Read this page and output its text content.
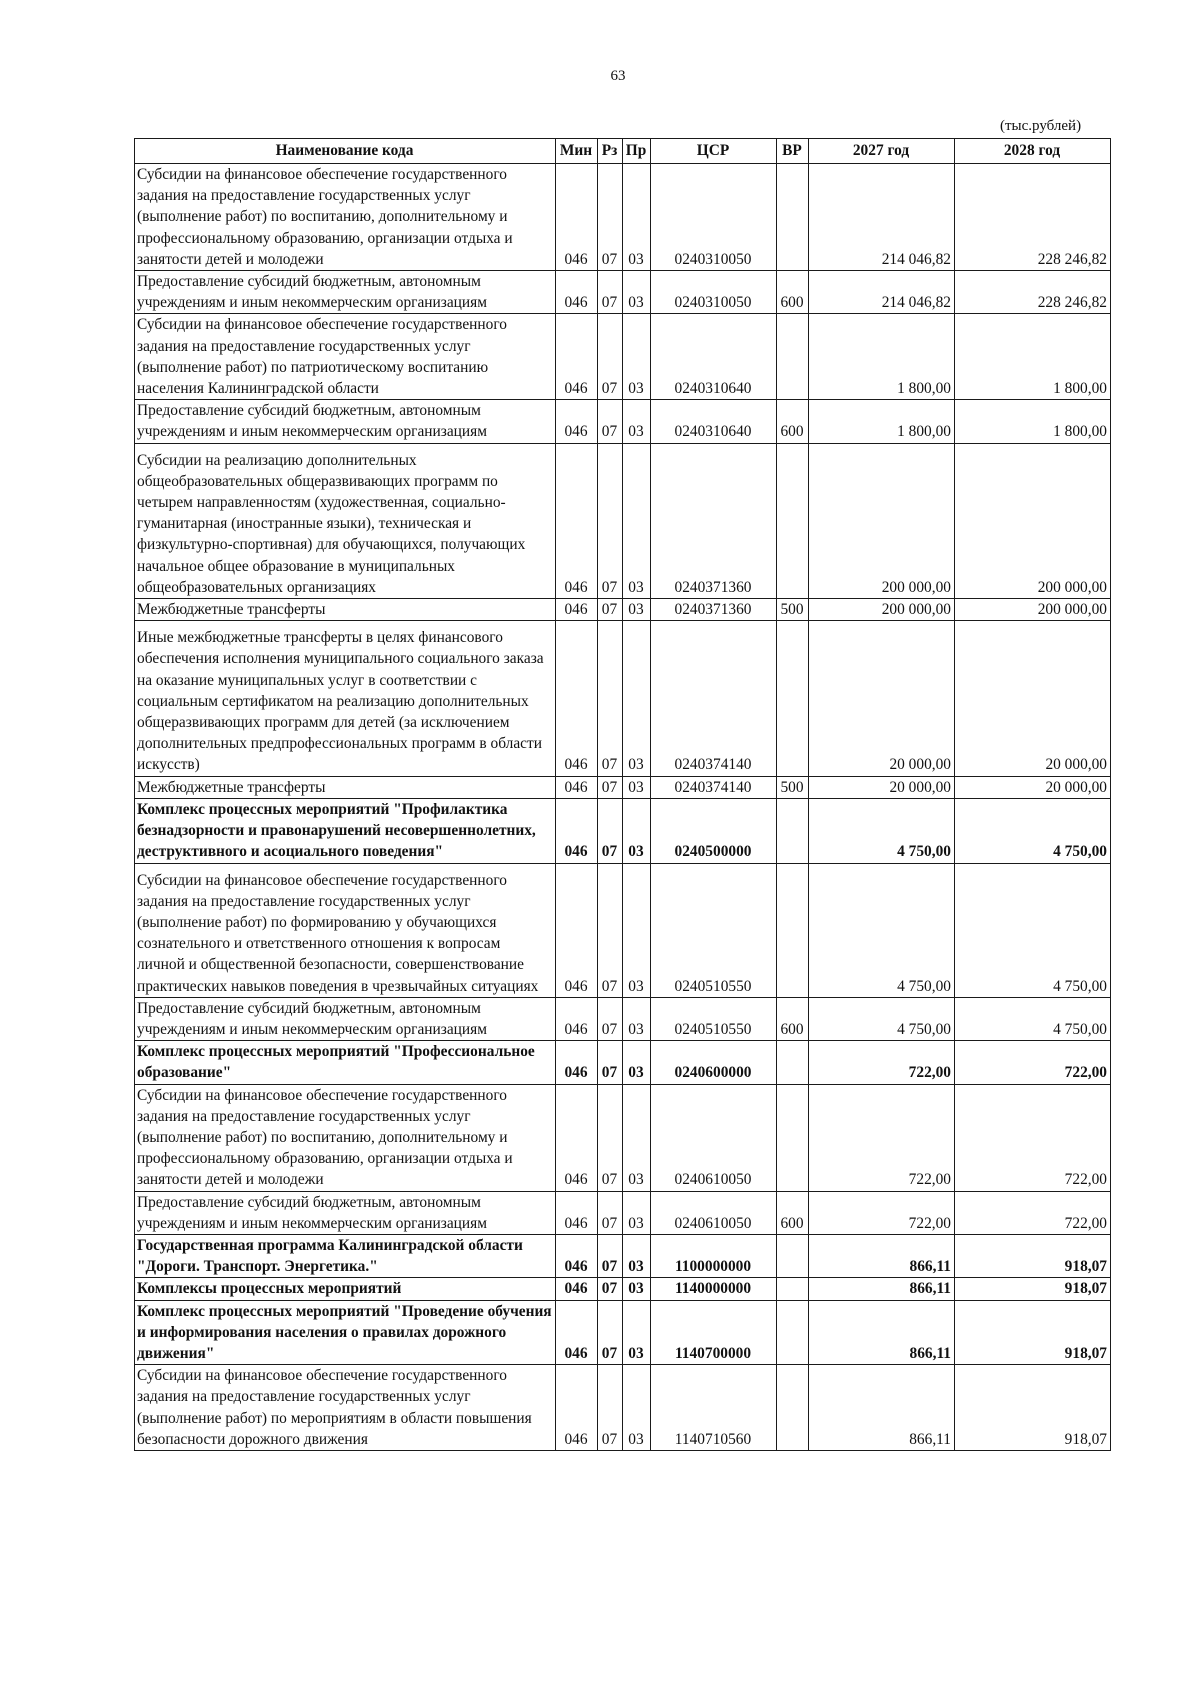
63
(тыс.рублей)
Наименование кода	Мин	Рз	Пр	ЦСР	ВР	2027 год	2028 год
Субсидии на финансовое обеспечение государственного задания на предоставление государственных услуг (выполнение работ) по воспитанию, дополнительному и профессиональному образованию, организации отдыха и занятости детей и молодежи	046	07	03	0240310050		214 046,82	228 246,82
Предоставление субсидий бюджетным, автономным учреждениям и иным некоммерческим организациям	046	07	03	0240310050	600	214 046,82	228 246,82
Субсидии на финансовое обеспечение государственного задания на предоставление государственных услуг (выполнение работ) по патриотическому воспитанию населения Калининградской области	046	07	03	0240310640		1 800,00	1 800,00
Предоставление субсидий бюджетным, автономным учреждениям и иным некоммерческим организациям	046	07	03	0240310640	600	1 800,00	1 800,00
Субсидии на реализацию дополнительных общеобразовательных общеразвивающих программ по четырем направленностям (художественная, социально-гуманитарная (иностранные языки), техническая и физкультурно-спортивная) для обучающихся, получающих начальное общее образование в муниципальных общеобразовательных организациях	046	07	03	0240371360		200 000,00	200 000,00
Межбюджетные трансферты	046	07	03	0240371360	500	200 000,00	200 000,00
Иные межбюджетные трансферты в целях финансового обеспечения исполнения муниципального социального заказа на оказание муниципальных услуг в соответствии с социальным сертификатом на реализацию дополнительных общеразвивающих программ для детей (за исключением дополнительных предпрофессиональных программ в области искусств)	046	07	03	0240374140		20 000,00	20 000,00
Межбюджетные трансферты	046	07	03	0240374140	500	20 000,00	20 000,00
Комплекс процессных мероприятий "Профилактика безнадзорности и правонарушений несовершеннолетних, деструктивного и асоциального поведения"	046	07	03	0240500000		4 750,00	4 750,00
Субсидии на финансовое обеспечение государственного задания на предоставление государственных услуг (выполнение работ) по формированию у обучающихся сознательного и ответственного отношения к вопросам личной и общественной безопасности, совершенствование практических навыков поведения в чрезвычайных ситуациях	046	07	03	0240510550		4 750,00	4 750,00
Предоставление субсидий бюджетным, автономным учреждениям и иным некоммерческим организациям	046	07	03	0240510550	600	4 750,00	4 750,00
Комплекс процессных мероприятий "Профессиональное образование"	046	07	03	0240600000		722,00	722,00
Субсидии на финансовое обеспечение государственного задания на предоставление государственных услуг (выполнение работ) по воспитанию, дополнительному и профессиональному образованию, организации отдыха и занятости детей и молодежи	046	07	03	0240610050		722,00	722,00
Предоставление субсидий бюджетным, автономным учреждениям и иным некоммерческим организациям	046	07	03	0240610050	600	722,00	722,00
Государственная программа Калининградской области "Дороги. Транспорт. Энергетика."	046	07	03	1100000000		866,11	918,07
Комплексы процессных мероприятий	046	07	03	1140000000		866,11	918,07
Комплекс процессных мероприятий "Проведение обучения и информирования населения о правилах дорожного движения"	046	07	03	1140700000		866,11	918,07
Субсидии на финансовое обеспечение государственного задания на предоставление государственных услуг (выполнение работ) по мероприятиям в области повышения безопасности дорожного движения	046	07	03	1140710560		866,11	918,07
